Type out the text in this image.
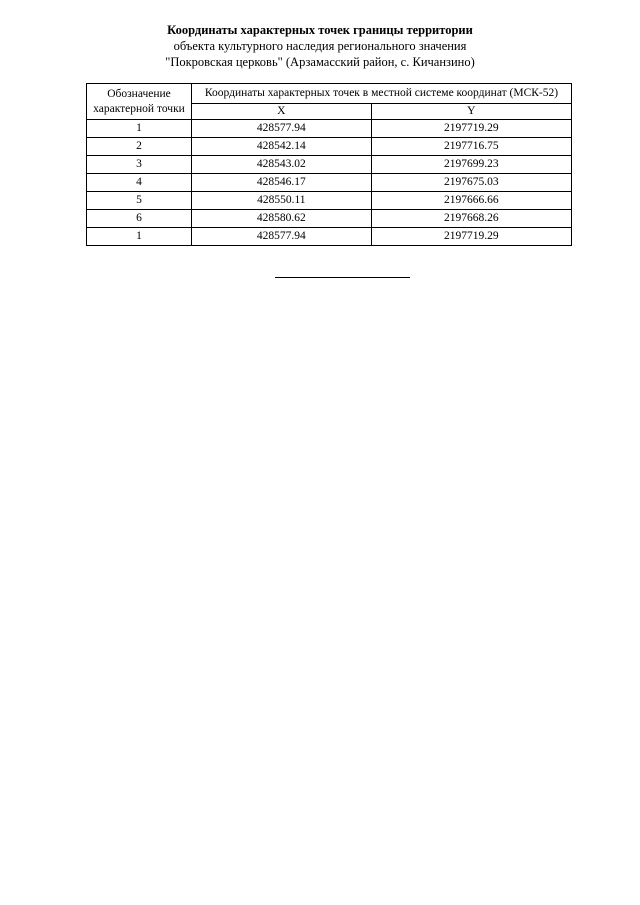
Координаты характерных точек границы территории
объекта культурного наследия регионального значения
"Покровская церковь" (Арзамасский район, с. Кичанзино)
Обозначение характерной точки	Координаты характерных точек в местной системе координат (МСК-52)	
	X	Y
1	428577.94	2197719.29
2	428542.14	2197716.75
3	428543.02	2197699.23
4	428546.17	2197675.03
5	428550.11	2197666.66
6	428580.62	2197668.26
1	428577.94	2197719.29
